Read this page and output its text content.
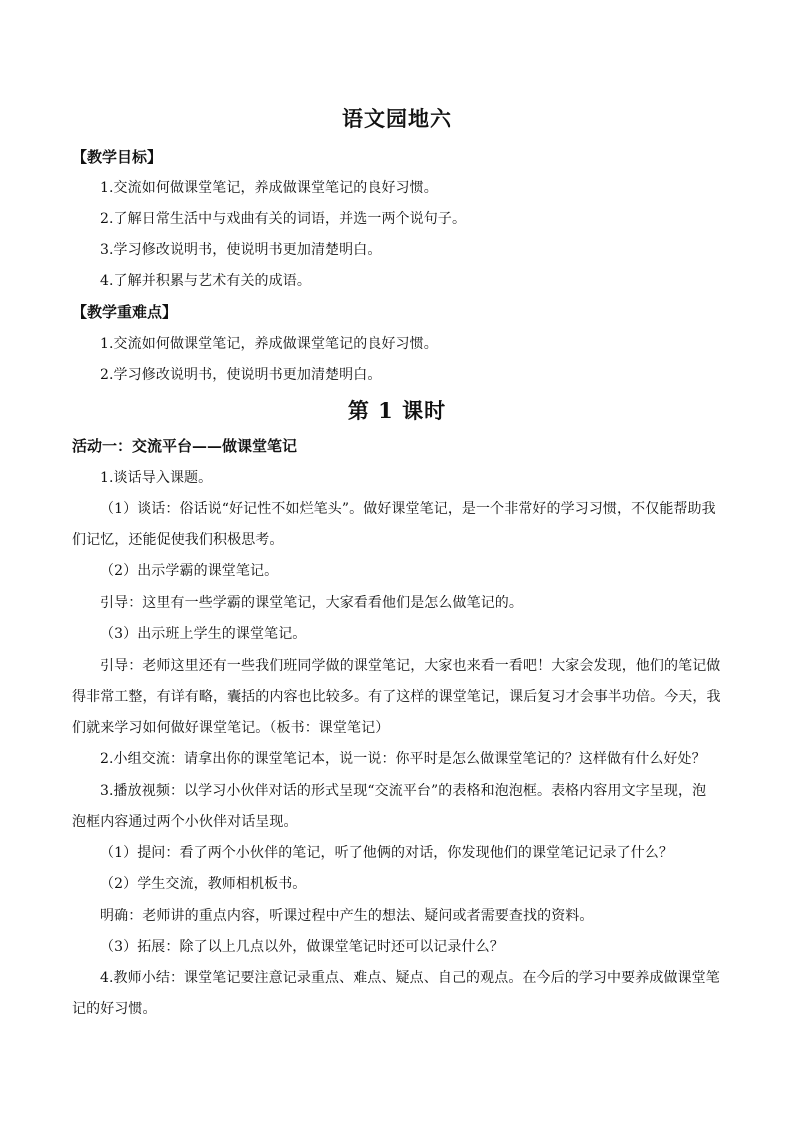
语文园地六
【教学目标】
1.交流如何做课堂笔记，养成做课堂笔记的良好习惯。
2.了解日常生活中与戏曲有关的词语，并选一两个说句子。
3.学习修改说明书，使说明书更加清楚明白。
4.了解并积累与艺术有关的成语。
【教学重难点】
1.交流如何做课堂笔记，养成做课堂笔记的良好习惯。
2.学习修改说明书，使说明书更加清楚明白。
第 1 课时
活动一：交流平台——做课堂笔记
1.谈话导入课题。
（1）谈话：俗话说“好记性不如烂笔头”。做好课堂笔记，是一个非常好的学习习惯，不仅能帮助我
们记忆，还能促使我们积极思考。
（2）出示学霸的课堂笔记。
引导：这里有一些学霸的课堂笔记，大家看看他们是怎么做笔记的。
（3）出示班上学生的课堂笔记。
引导：老师这里还有一些我们班同学做的课堂笔记，大家也来看一看吧！大家会发现，他们的笔记做
得非常工整，有详有略，囊括的内容也比较多。有了这样的课堂笔记，课后复习才会事半功倍。今天，我
们就来学习如何做好课堂笔记。（板书：课堂笔记）
2.小组交流：请拿出你的课堂笔记本，说一说：你平时是怎么做课堂笔记的？这样做有什么好处？
3.播放视频：以学习小伙伴对话的形式呈现“交流平台”的表格和泡泡框。表格内容用文字呈现，泡
泡框内容通过两个小伙伴对话呈现。
（1）提问：看了两个小伙伴的笔记，听了他俩的对话，你发现他们的课堂笔记记录了什么？
（2）学生交流，教师相机板书。
明确：老师讲的重点内容，听课过程中产生的想法、疑问或者需要查找的资料。
（3）拓展：除了以上几点以外，做课堂笔记时还可以记录什么？
4.教师小结：课堂笔记要注意记录重点、难点、疑点、自己的观点。在今后的学习中要养成做课堂笔
记的好习惯。
